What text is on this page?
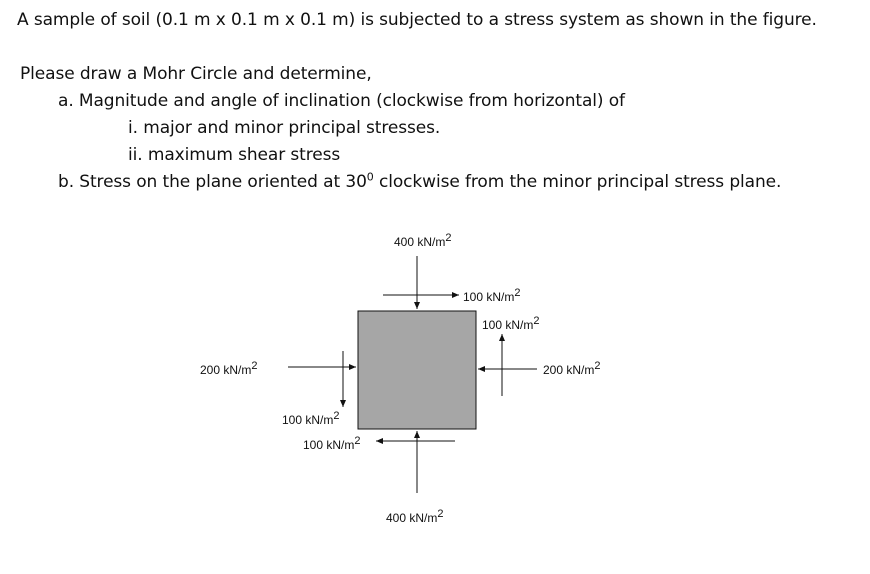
A sample of soil (0.1 m x 0.1 m x 0.1 m) is subjected to a stress system as shown in the figure.
Please draw a Mohr Circle and determine,
a. Magnitude and angle of inclination (clockwise from horizontal) of
i. major and minor principal stresses.
ii. maximum shear stress
b. Stress on the plane oriented at $30^0$ clockwise from the minor principal stress plane.
400 $kN/m^2$
100 $kN/m^2$
100 $kN/m^2$
200 $kN/m^2$
200 $kN/m^2$
100 $kN/m^2$
100 $kN/m^2$
400 $kN/m^2$
